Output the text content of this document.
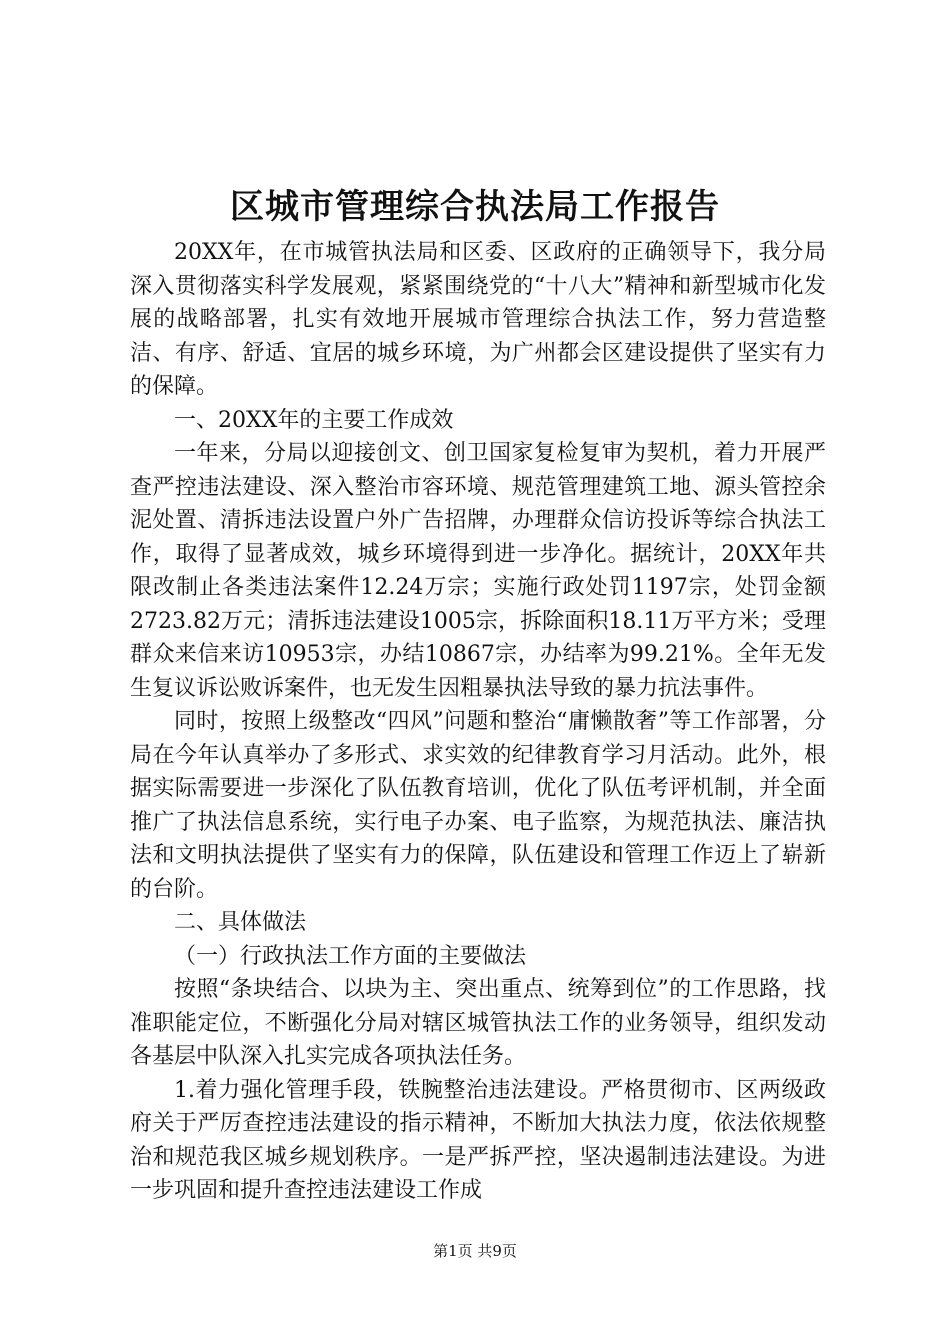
区城市管理综合执法局工作报告

20XX年，在市城管执法局和区委、区政府的正确领导下，我分局深入贯彻落实科学发展观，紧紧围绕党的“十八大”精神和新型城市化发展的战略部署，扎实有效地开展城市管理综合执法工作，努力营造整洁、有序、舒适、宜居的城乡环境，为广州都会区建设提供了坚实有力的保障。

一、20XX年的主要工作成效

一年来，分局以迎接创文、创卫国家复检复审为契机，着力开展严查严控违法建设、深入整治市容环境、规范管理建筑工地、源头管控余泥处置、清拆违法设置户外广告招牌，办理群众信访投诉等综合执法工作，取得了显著成效，城乡环境得到进一步净化。据统计，20XX年共限改制止各类违法案件12.24万宗；实施行政处罚1197宗，处罚金额2723.82万元；清拆违法建设1005宗，拆除面积18.11万平方米；受理群众来信来访10953宗，办结10867宗，办结率为99.21%。全年无发生复议诉讼败诉案件，也无发生因粗暴执法导致的暴力抗法事件。

同时，按照上级整改“四风”问题和整治“庸懒散奢”等工作部署，分局在今年认真举办了多形式、求实效的纪律教育学习月活动。此外，根据实际需要进一步深化了队伍教育培训，优化了队伍考评机制，并全面推广了执法信息系统，实行电子办案、电子监察，为规范执法、廉洁执法和文明执法提供了坚实有力的保障，队伍建设和管理工作迈上了崭新的台阶。

二、具体做法

（一）行政执法工作方面的主要做法

按照“条块结合、以块为主、突出重点、统筹到位”的工作思路，找准职能定位，不断强化分局对辖区城管执法工作的业务领导，组织发动各基层中队深入扎实完成各项执法任务。

1.着力强化管理手段，铁腕整治违法建设。严格贯彻市、区两级政府关于严厉查控违法建设的指示精神，不断加大执法力度，依法依规整治和规范我区城乡规划秩序。一是严拆严控，坚决遏制违法建设。为进一步巩固和提升查控违法建设工作成

第1页 共9页
